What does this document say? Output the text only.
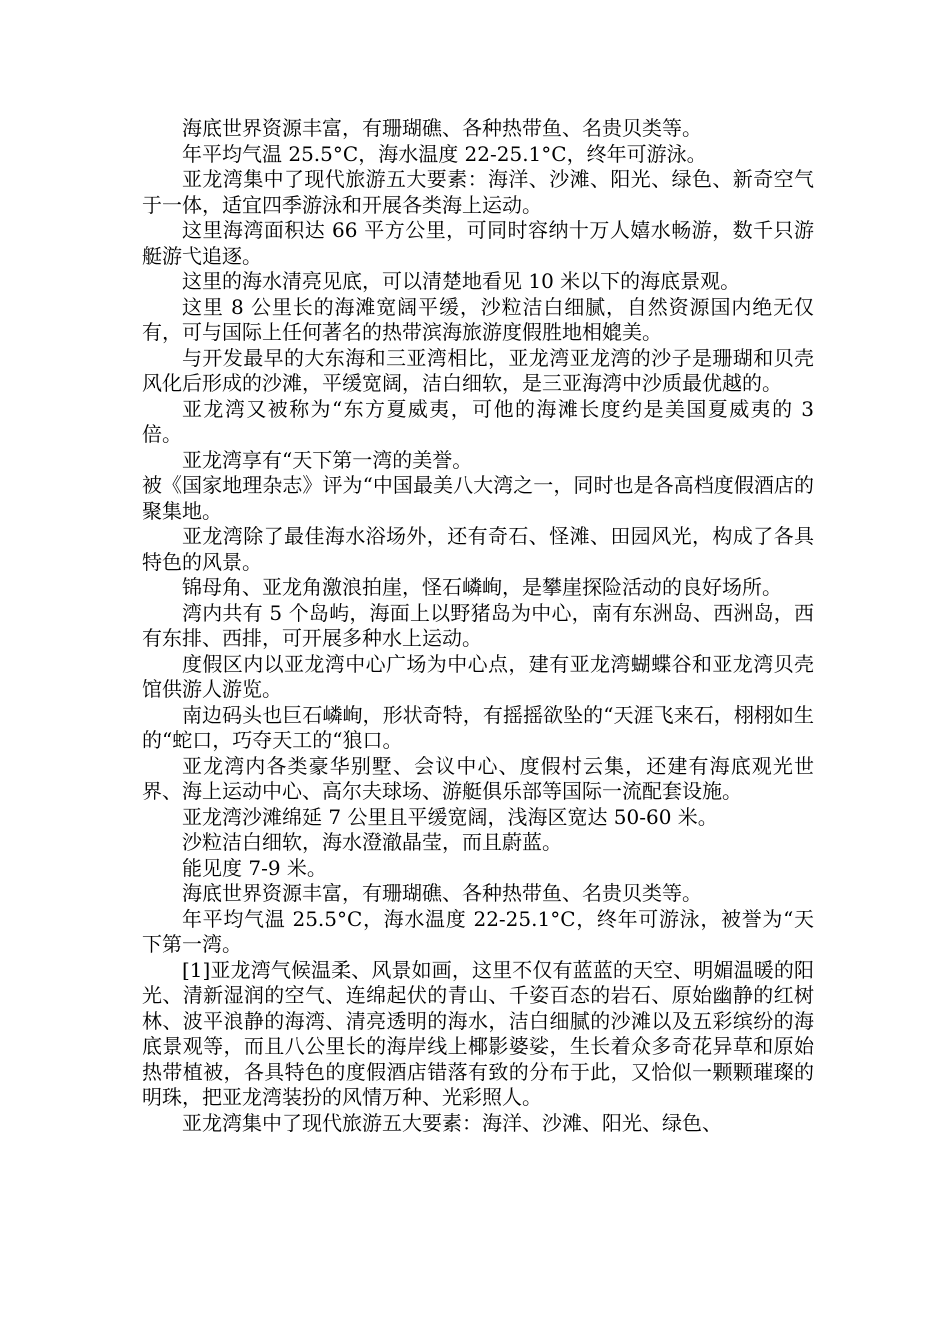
海底世界资源丰富，有珊瑚礁、各种热带鱼、名贵贝类等。

年平均气温 25.5°C，海水温度 22-25.1°C，终年可游泳。

亚龙湾集中了现代旅游五大要素：海洋、沙滩、阳光、绿色、新奇空气于一体，适宜四季游泳和开展各类海上运动。

这里海湾面积达 66 平方公里，可同时容纳十万人嬉水畅游，数千只游艇游弋追逐。

这里的海水清亮见底，可以清楚地看见 10 米以下的海底景观。

这里 8 公里长的海滩宽阔平缓，沙粒洁白细腻，自然资源国内绝无仅有，可与国际上任何著名的热带滨海旅游度假胜地相媲美。

与开发最早的大东海和三亚湾相比，亚龙湾亚龙湾的沙子是珊瑚和贝壳风化后形成的沙滩，平缓宽阔，洁白细软，是三亚海湾中沙质最优越的。

亚龙湾又被称为“东方夏威夷，可他的海滩长度约是美国夏威夷的 3 倍。

亚龙湾享有“天下第一湾的美誉。

被《国家地理杂志》评为“中国最美八大湾之一，同时也是各高档度假酒店的聚集地。

亚龙湾除了最佳海水浴场外，还有奇石、怪滩、田园风光，构成了各具特色的风景。

锦母角、亚龙角激浪拍崖，怪石嶙峋，是攀崖探险活动的良好场所。

湾内共有 5 个岛屿，海面上以野猪岛为中心，南有东洲岛、西洲岛，西有东排、西排，可开展多种水上运动。

度假区内以亚龙湾中心广场为中心点，建有亚龙湾蝴蝶谷和亚龙湾贝壳馆供游人游览。

南边码头也巨石嶙峋，形状奇特，有摇摇欲坠的“天涯飞来石，栩栩如生的“蛇口，巧夺天工的“狼口。

亚龙湾内各类豪华别墅、会议中心、度假村云集，还建有海底观光世界、海上运动中心、高尔夫球场、游艇俱乐部等国际一流配套设施。

亚龙湾沙滩绵延 7 公里且平缓宽阔，浅海区宽达 50-60 米。

沙粒洁白细软，海水澄澈晶莹，而且蔚蓝。

能见度 7-9 米。

海底世界资源丰富，有珊瑚礁、各种热带鱼、名贵贝类等。

年平均气温 25.5°C，海水温度 22-25.1°C，终年可游泳，被誉为“天下第一湾。

[1]亚龙湾气候温柔、风景如画，这里不仅有蓝蓝的天空、明媚温暖的阳光、清新湿润的空气、连绵起伏的青山、千姿百态的岩石、原始幽静的红树林、波平浪静的海湾、清亮透明的海水，洁白细腻的沙滩以及五彩缤纷的海底景观等，而且八公里长的海岸线上椰影婆娑，生长着众多奇花异草和原始热带植被，各具特色的度假酒店错落有致的分布于此，又恰似一颗颗璀璨的明珠，把亚龙湾装扮的风情万种、光彩照人。

亚龙湾集中了现代旅游五大要素：海洋、沙滩、阳光、绿色、
